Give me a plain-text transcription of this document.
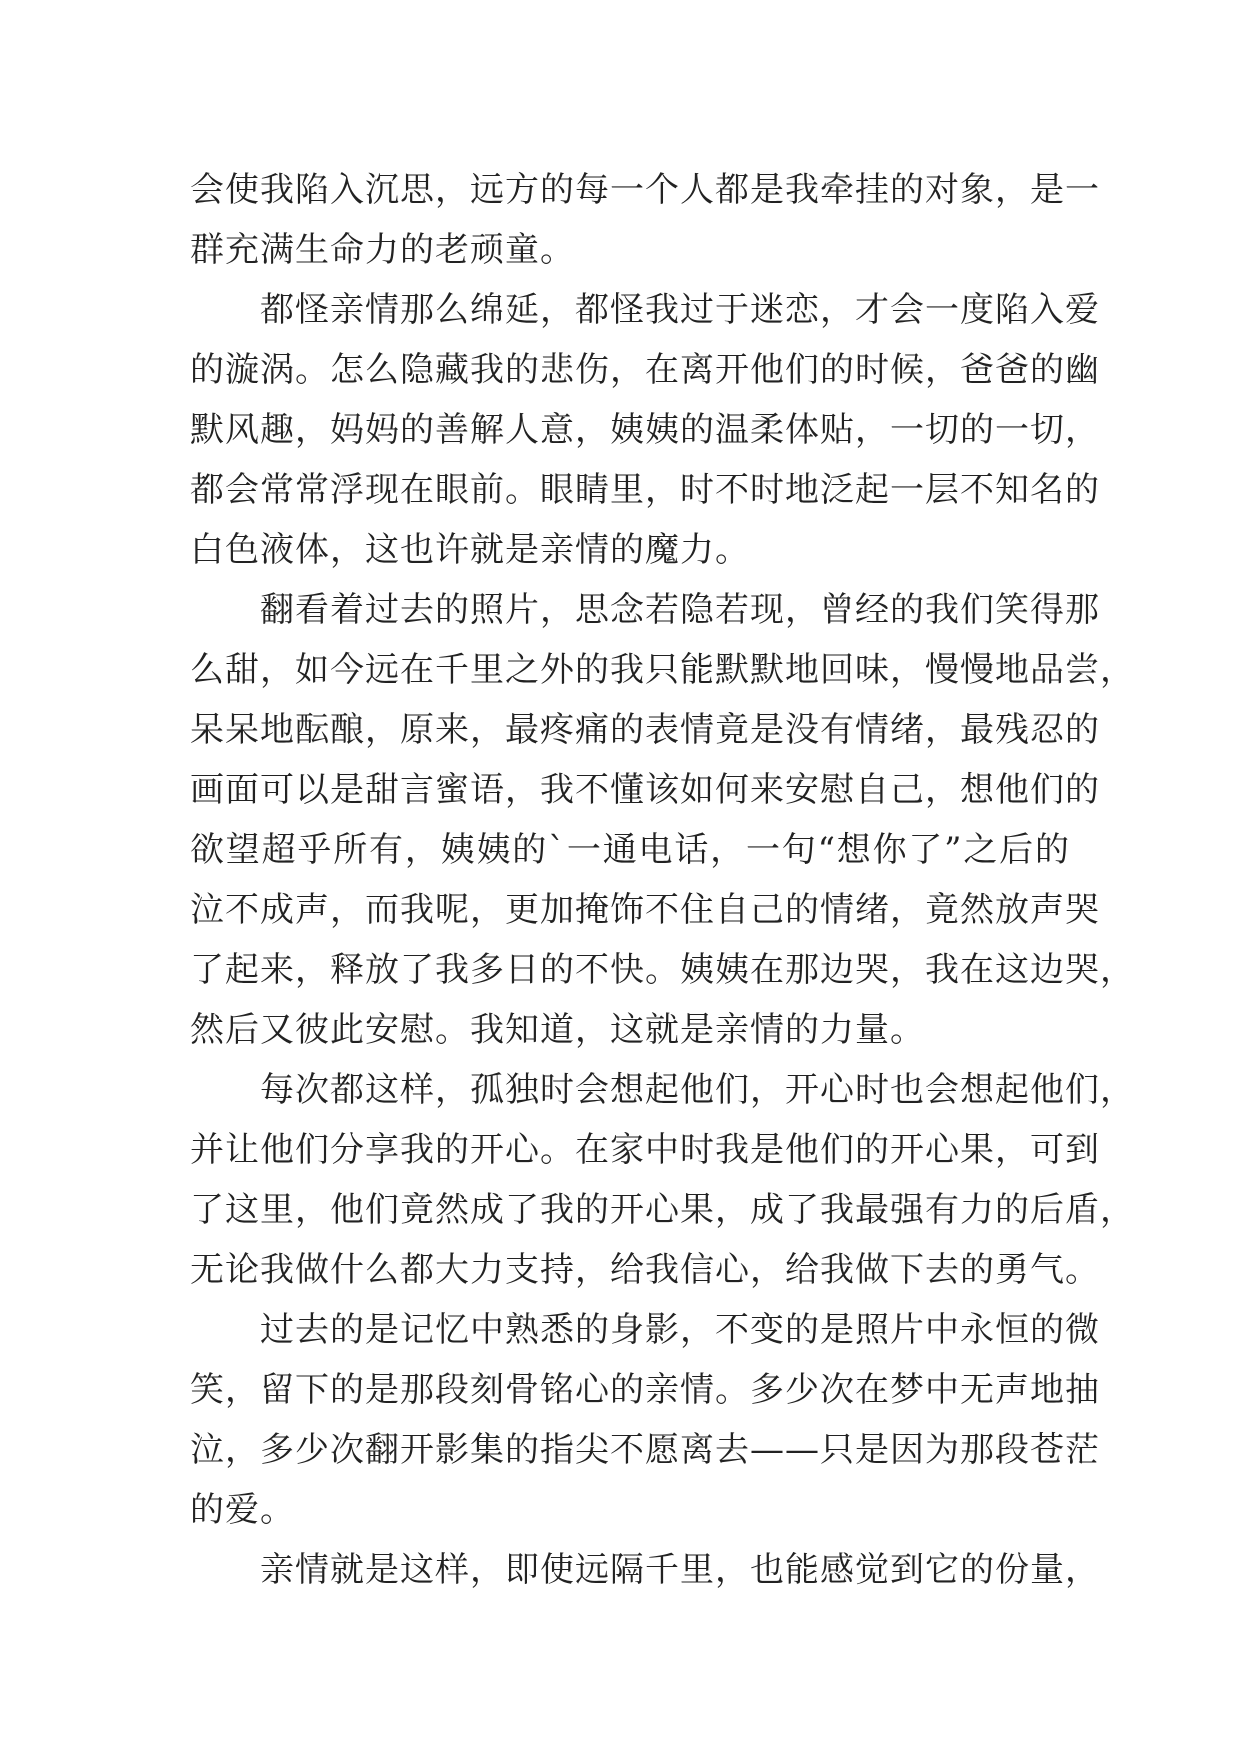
会使我陷入沉思，远方的每一个人都是我牵挂的对象，是一
群充满生命力的老顽童。
都怪亲情那么绵延，都怪我过于迷恋，才会一度陷入爱
的漩涡。怎么隐藏我的悲伤，在离开他们的时候，爸爸的幽
默风趣，妈妈的善解人意，姨姨的温柔体贴，一切的一切，
都会常常浮现在眼前。眼睛里，时不时地泛起一层不知名的
白色液体，这也许就是亲情的魔力。
翻看着过去的照片，思念若隐若现，曾经的我们笑得那
么甜，如今远在千里之外的我只能默默地回味，慢慢地品尝，
呆呆地酝酿，原来，最疼痛的表情竟是没有情绪，最残忍的
画面可以是甜言蜜语，我不懂该如何来安慰自己，想他们的
欲望超乎所有，姨姨的`一通电话，一句“想你了”之后的
泣不成声，而我呢，更加掩饰不住自己的情绪，竟然放声哭
了起来，释放了我多日的不快。姨姨在那边哭，我在这边哭，
然后又彼此安慰。我知道，这就是亲情的力量。
每次都这样，孤独时会想起他们，开心时也会想起他们，
并让他们分享我的开心。在家中时我是他们的开心果，可到
了这里，他们竟然成了我的开心果，成了我最强有力的后盾，
无论我做什么都大力支持，给我信心，给我做下去的勇气。
过去的是记忆中熟悉的身影，不变的是照片中永恒的微
笑，留下的是那段刻骨铭心的亲情。多少次在梦中无声地抽
泣，多少次翻开影集的指尖不愿离去——只是因为那段苍茫
的爱。
亲情就是这样，即使远隔千里，也能感觉到它的份量，
